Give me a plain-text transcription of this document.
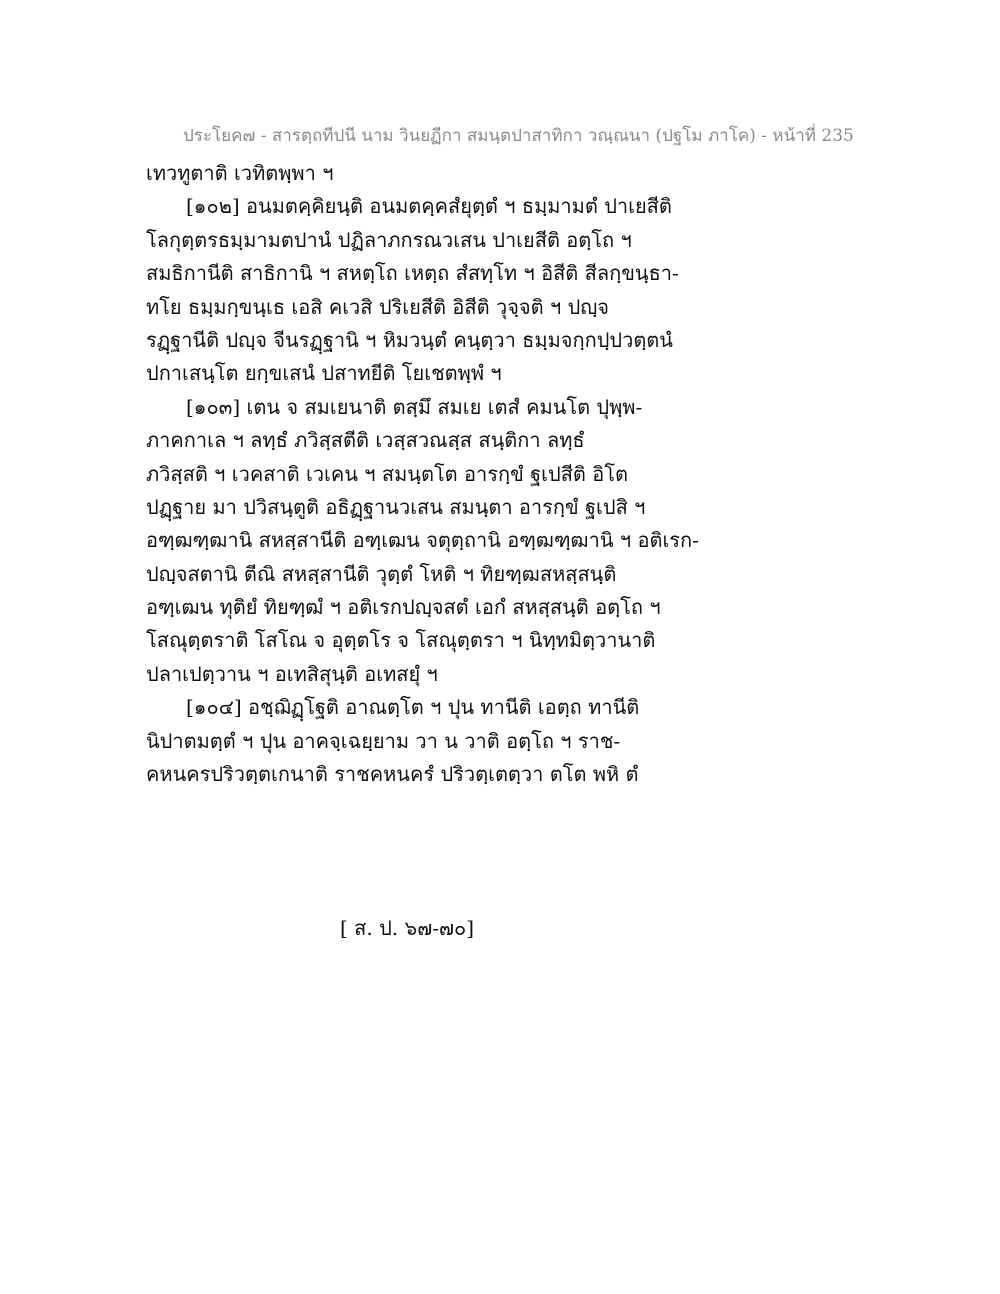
ประโยค๗ - สารตฺถทีปนี นาม วินยฏีกา สมนฺตปาสาทิกา วณฺณนา (ปฐโม ภาโค) - หน้าที่ 235
เทวทูตาติ เวทิตพฺพา ฯ
[๑๐๒] อนมตคฺคิยนฺติ อนมตคฺคสํยุตฺตํ ฯ ธมฺมามตํ ปาเยสีติ
โลกุตฺตรธมฺมามตปานํ ปฏิลาภกรณวเสน ปาเยสีติ อตฺโถ ฯ
สมธิกานีติ สาธิกานิ ฯ สหตฺโถ เหตฺถ สํสทฺโท ฯ อิสีติ สีลกฺขนฺธา-
ทโย ธมฺมกฺขนฺเธ เอสิ คเวสิ ปริเยสีติ อิสีติ วุจฺจติ ฯ ปญฺจ
รฏฺฐานีติ ปญฺจ จีนรฏฺฐานิ ฯ หิมวนฺตํ คนฺตฺวา ธมฺมจกฺกปฺปวตฺตนํ
ปกาเสนฺโต ยกฺขเสนํ ปสาทยีติ โยเชตพฺพํ ฯ
[๑๐๓] เตน จ สมเยนาติ ตสฺมึ สมเย เตสํ คมนโต ปุพฺพ-
ภาคกาเล ฯ ลทฺธํ ภวิสฺสตีติ เวสฺสวณสฺส สนฺติกา ลทฺธํ
ภวิสฺสติ ฯ เวคสาติ เวเคน ฯ สมนฺตโต อารกฺขํ ฐเปสีติ อิโต
ปฏฺฐาย มา ปวิสนฺตูติ อธิฏฺฐานวเสน สมนฺตา อารกฺขํ ฐเปสิ ฯ
อฑฺฒฑฺฒานิ สหสฺสานีติ อฑฺเฒน จตุตฺถานิ อฑฺฒฑฺฒานิ ฯ อติเรก-
ปญฺจสตานิ ตีณิ สหสฺสานีติ วุตฺตํ โหติ ฯ ทิยฑฺฒสหสฺสนฺติ
อฑฺเฒน ทุติยํ ทิยฑฺฒํ ฯ อติเรกปญฺจสตํ เอกํ สหสฺสนฺติ อตฺโถ ฯ
โสณุตฺตราติ โสโณ จ อุตฺตโร จ โสณุตฺตรา ฯ นิทฺทมิตฺวานาติ
ปลาเปตฺวาน ฯ อเทสิสุนฺติ อเทสยุํ ฯ
[๑๐๔] อชฺฌิฏฺโฐติ อาณตฺโต ฯ ปุน ทานีติ เอตฺถ ทานีติ
นิปาตมตฺตํ ฯ ปุน อาคจฺเฉยฺยาม วา น วาติ อตฺโถ ฯ ราช-
คหนครปริวตฺตเกนาติ ราชคหนครํ ปริวตฺเตตฺวา ตโต พหิ ตํ
[ ส. ป. ๖๗-๗๐]
